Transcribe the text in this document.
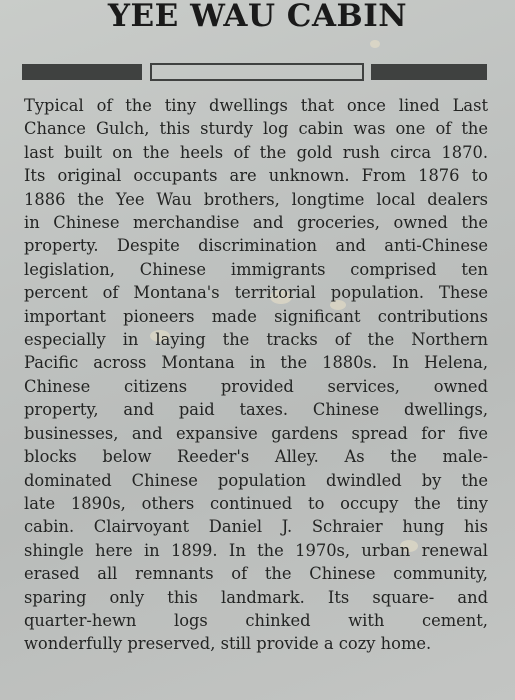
YEE WAU CABIN
Typical of the tiny dwellings that once lined Last
Chance Gulch, this sturdy log cabin was one of the
last built on the heels of the gold rush circa 1870.
Its original occupants are unknown. From 1876 to
1886 the Yee Wau brothers, longtime local dealers
in Chinese merchandise and groceries, owned the
property. Despite discrimination and anti-Chinese
legislation, Chinese immigrants comprised ten
percent of Montana's territorial population. These
important pioneers made significant contributions
especially in laying the tracks of the Northern
Pacific across Montana in the 1880s. In Helena,
Chinese citizens provided services, owned
property, and paid taxes. Chinese dwellings,
businesses, and expansive gardens spread for five
blocks below Reeder's Alley. As the male-
dominated Chinese population dwindled by the
late 1890s, others continued to occupy the tiny
cabin. Clairvoyant Daniel J. Schraier hung his
shingle here in 1899. In the 1970s, urban renewal
erased all remnants of the Chinese community,
sparing only this landmark. Its square- and
quarter-hewn logs chinked with cement,
wonderfully preserved, still provide a cozy home.
